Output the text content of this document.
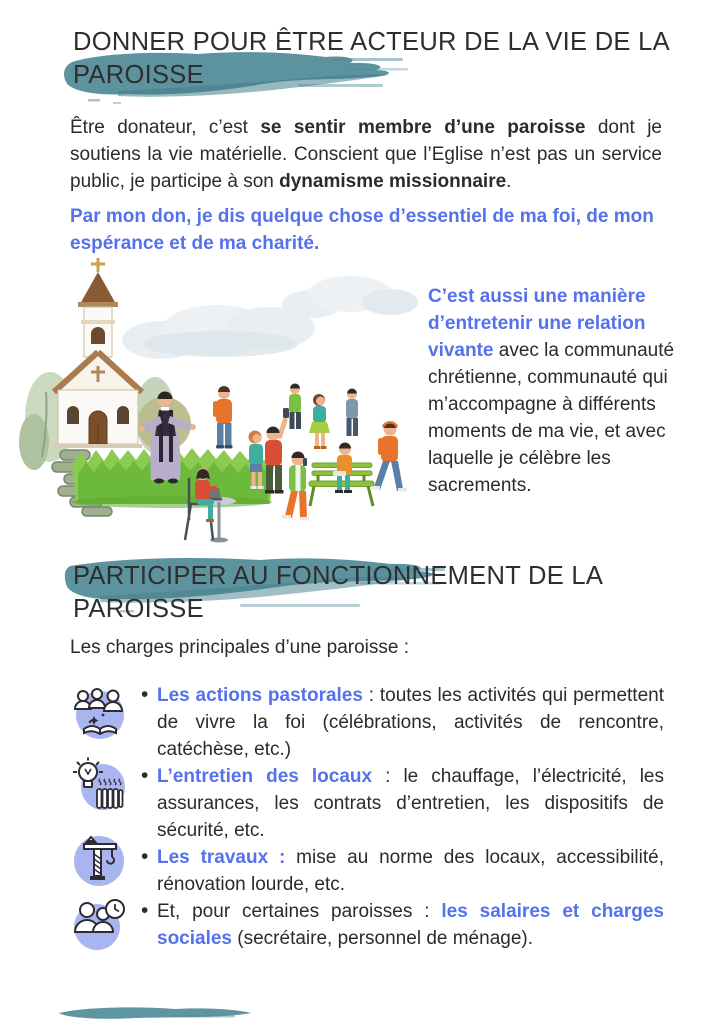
DONNER POUR ÊTRE ACTEUR DE LA VIE DE LA PAROISSE

Être donateur, c’est se sentir membre d’une paroisse dont je soutiens la vie matérielle. Conscient que l’Eglise n’est pas un service public, je participe à son dynamisme missionnaire.

Par mon don, je dis quelque chose d’essentiel de ma foi, de mon espérance et de ma charité.

C’est aussi une manière d’entretenir une relation vivante avec la communauté chrétienne, communauté qui m’accompagne à différents moments de ma vie, et avec laquelle je célèbre les sacrements.

PARTICIPER AU FONCTIONNEMENT DE LA PAROISSE

Les charges principales d’une paroisse :

• Les actions pastorales : toutes les activités qui permettent de vivre la foi (célébrations, activités de rencontre, catéchèse, etc.)

• L’entretien des locaux : le chauffage, l’électricité, les assurances, les contrats d’entretien, les dispositifs de sécurité, etc.

• Les travaux : mise au norme des locaux, accessibilité, rénovation lourde, etc.

• Et, pour certaines paroisses : les salaires et charges sociales (secrétaire, personnel de ménage).
